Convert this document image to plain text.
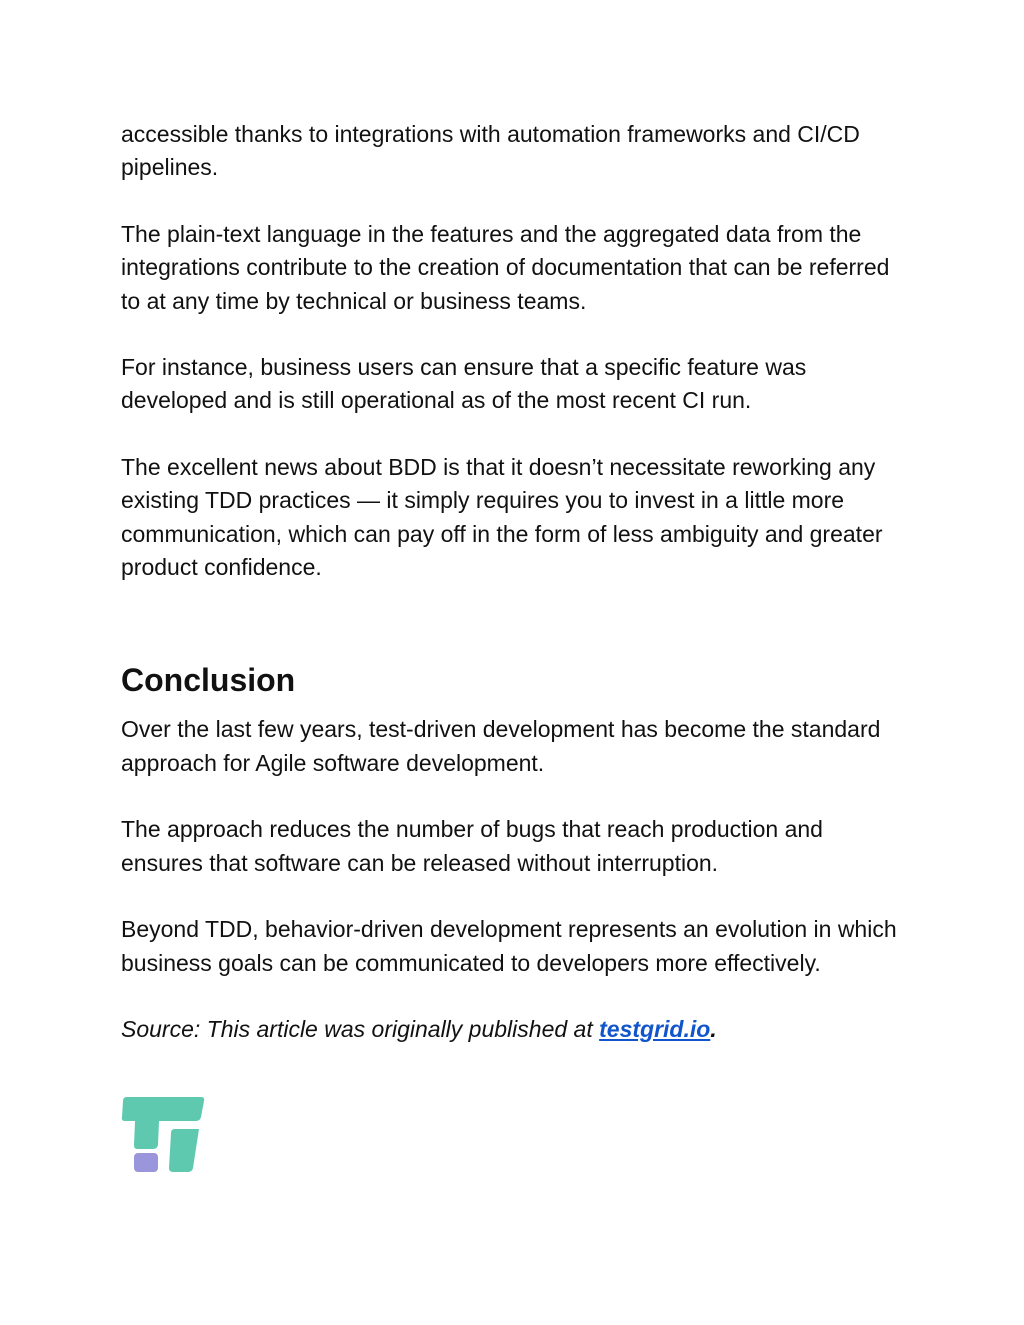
accessible thanks to integrations with automation frameworks and CI/CD pipelines.

The plain-text language in the features and the aggregated data from the integrations contribute to the creation of documentation that can be referred to at any time by technical or business teams.

For instance, business users can ensure that a specific feature was developed and is still operational as of the most recent CI run.

The excellent news about BDD is that it doesn’t necessitate reworking any existing TDD practices — it simply requires you to invest in a little more communication, which can pay off in the form of less ambiguity and greater product confidence.

Conclusion

Over the last few years, test-driven development has become the standard approach for Agile software development.

The approach reduces the number of bugs that reach production and ensures that software can be released without interruption.

Beyond TDD, behavior-driven development represents an evolution in which business goals can be communicated to developers more effectively.

Source: This article was originally published at testgrid.io.
